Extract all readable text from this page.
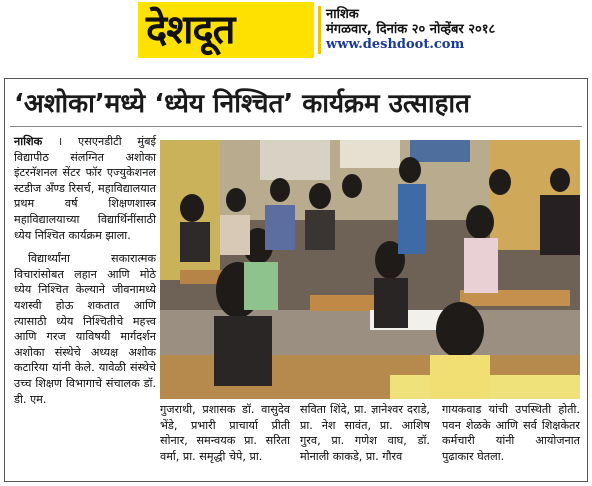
देशदूत	नाशिक
मंगळवार, दिनांक २० नोव्हेंबर २०१८
www.deshdoot.com
‘अशोका’मध्ये ‘ध्येय निश्चित’ कार्यक्रम उत्साहात

नाशिक । एसएनडीटी मुंबई विद्यापीठ संलग्नित अशोका इंटरनॅशनल सेंटर फॉर एज्युकेशनल स्टडीज अँण्ड रिसर्च, महाविद्यालयात प्रथम वर्ष शिक्षणशास्त्र महाविद्यालयाच्या विद्यार्थिनींसाठी ध्येय निश्चित कार्यक्रम झाला.

विद्यार्थ्यांना सकारात्मक विचारांसोबत लहान आणि मोठे ध्येय निश्चित केल्याने जीवनामध्ये यशस्वी होऊ शकतात आणि त्यासाठी ध्येय निश्चितीचे महत्त्व आणि गरज याविषयी मार्गदर्शन अशोका संस्थेचे अध्यक्ष अशोक कटारिया यांनी केले. यावेळी संस्थेचे उच्च शिक्षण विभागाचे संचालक डॉ. डी. एम.

गुजराथी, प्रशासक डॉ. वासुदेव भेंडे, प्रभारी प्राचार्या प्रीती सोनार, समन्वयक प्रा. सरिता वर्मा, प्रा. समृद्धी चेपे, प्रा.
सविता शिंदे, प्रा. ज्ञानेश्वर दराडे, प्रा. नेश सावंत, प्रा. आशिष गुरव, प्रा. गणेश वाघ, डॉ. मोनाली काकडे, प्रा. गौरव
गायकवाड यांची उपस्थिती होती. पवन शेळके आणि सर्व शिक्षकेतर कर्मचारी यांनी आयोजनात पुढाकार घेतला.
